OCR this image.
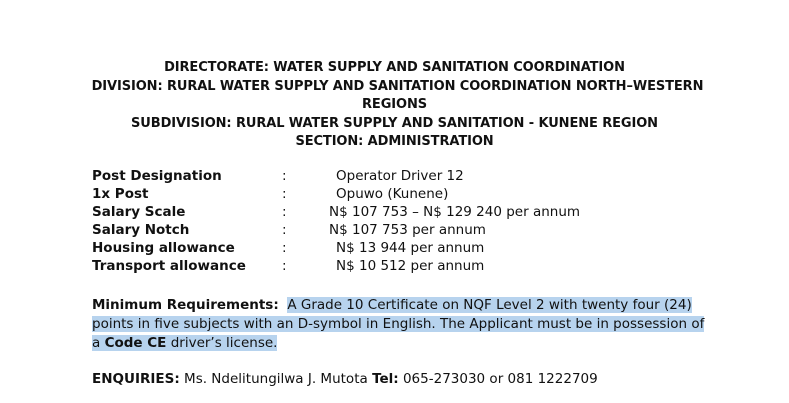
DIRECTORATE: WATER SUPPLY AND SANITATION COORDINATION
DIVISION: RURAL WATER SUPPLY AND SANITATION COORDINATION NORTH–WESTERN
REGIONS
SUBDIVISION: RURAL WATER SUPPLY AND SANITATION - KUNENE REGION
SECTION: ADMINISTRATION
Post Designation	:	Operator Driver 12
1x Post	:	Opuwo (Kunene)
Salary Scale	:	N$ 107 753 – N$ 129 240 per annum
Salary Notch	:	N$ 107 753 per annum
Housing allowance	:	N$ 13 944 per annum
Transport allowance	:	N$ 10 512 per annum
Minimum Requirements: A Grade 10 Certificate on NQF Level 2 with twenty four (24) points in five subjects with an D-symbol in English. The Applicant must be in possession of a Code CE driver’s license.
ENQUIRIES: Ms. Ndelitungilwa J. Mutota Tel: 065-273030 or 081 1222709
